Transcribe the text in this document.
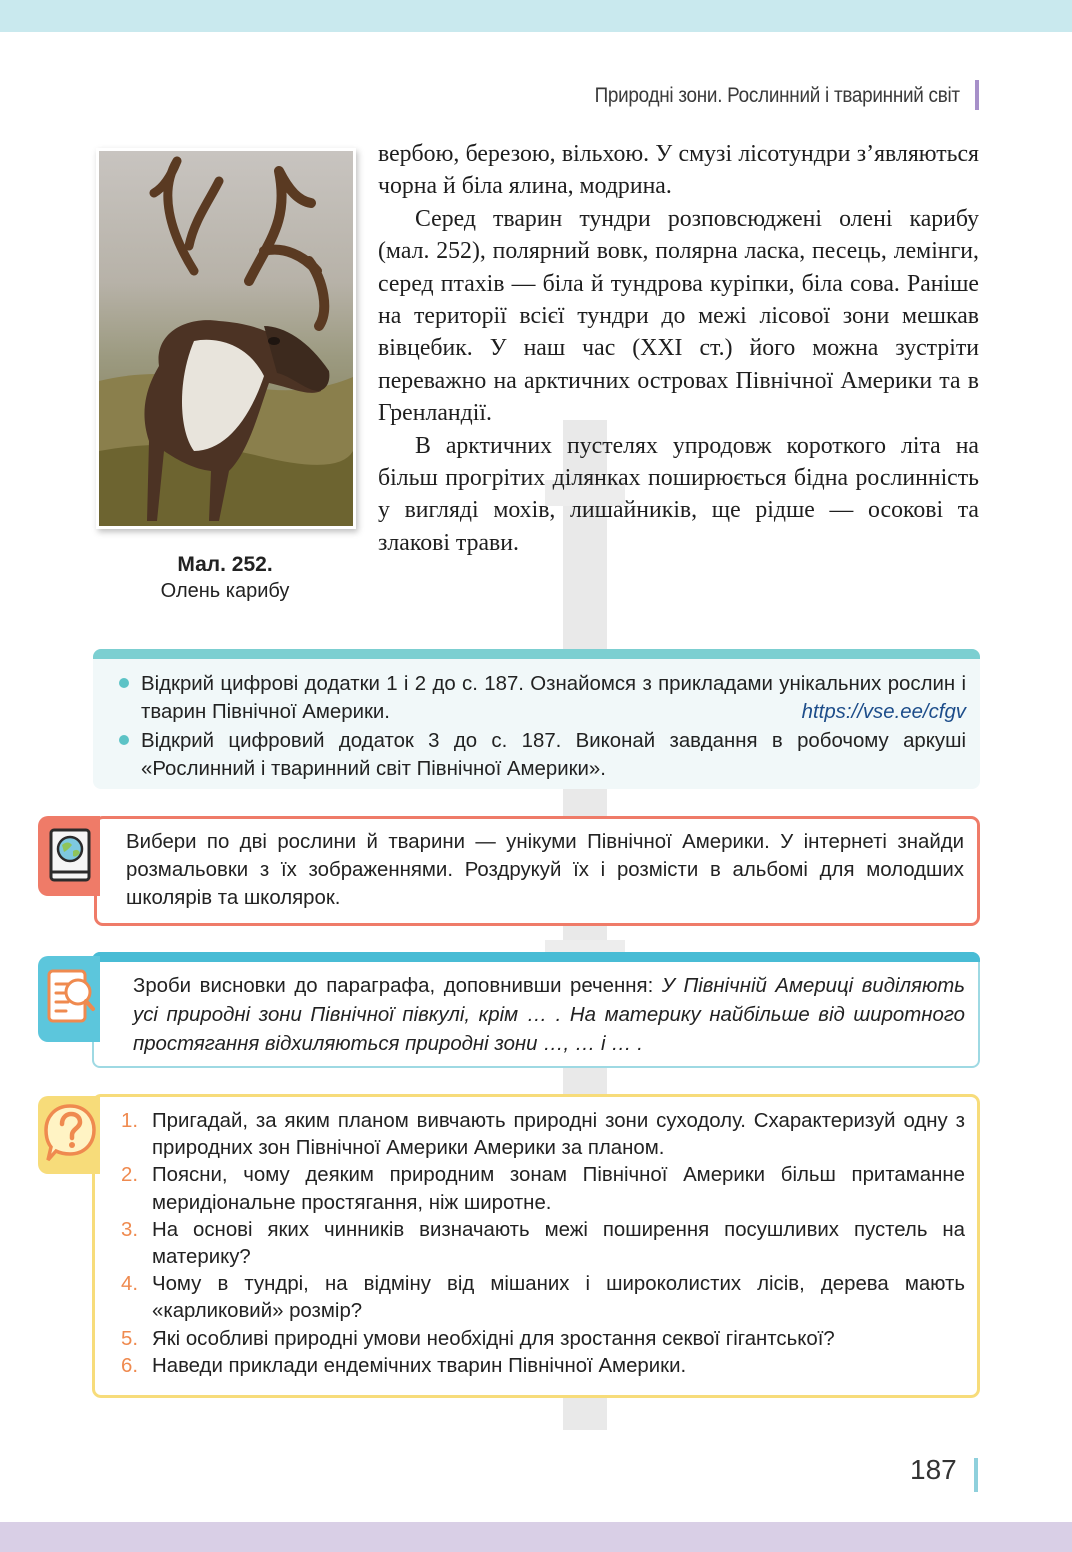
Природні зони. Рослинний і тваринний світ
Мал. 252.
Олень карибу

вербою, березою, вільхою. У смузі лісотундри з’являються чорна й біла ялина, модрина.

Серед тварин тундри розповсюджені олені карибу (мал. 252), полярний вовк, полярна ласка, песець, лемінги, серед птахів — біла й тундрова куріпки, біла сова. Раніше на території всієї тундри до межі лісової зони мешкав вівцебик. У наш час (XXI ст.) його можна зустріти переважно на арктичних островах Північної Америки та в Гренландії.

В арктичних пустелях упродовж короткого літа на більш прогрітих ділянках поширюється бідна рослинність у вигляді мохів, лишайників, ще рідше — осокові та злакові трави.

Відкрий цифрові додатки 1 і 2 до с. 187. Ознайомся з прикладами унікальних рослин і тварин Північної Америки.	https://vse.ee/cfgv
Відкрий цифровий додаток 3 до с. 187. Виконай завдання в робочому аркуші «Рослинний і тваринний світ Північної Америки».
Вибери по дві рослини й тварини — унікуми Північної Америки. У інтернеті знайди розмальовки з їх зображеннями. Роздрукуй їх і розмісти в альбомі для молодших школярів та школярок.
Зроби висновки до параграфа, доповнивши речення: У Північній Америці виділяють усі природні зони Північної півкулі, крім … . На материку найбільше від широтного простягання відхиляються природні зони …, … і … .
1. Пригадай, за яким планом вивчають природні зони суходолу. Схарактеризуй одну з природних зон Північної Америки Америки за планом.
2. Поясни, чому деяким природним зонам Північної Америки більш притаманне меридіональне простягання, ніж широтне.
3. На основі яких чинників визначають межі поширення посушливих пустель на материку?
4. Чому в тундрі, на відміну від мішаних і широколистих лісів, дерева мають «карликовий» розмір?
5. Які особливі природні умови необхідні для зростання секвої гігантської?
6. Наведи приклади ендемічних тварин Північної Америки.
187
